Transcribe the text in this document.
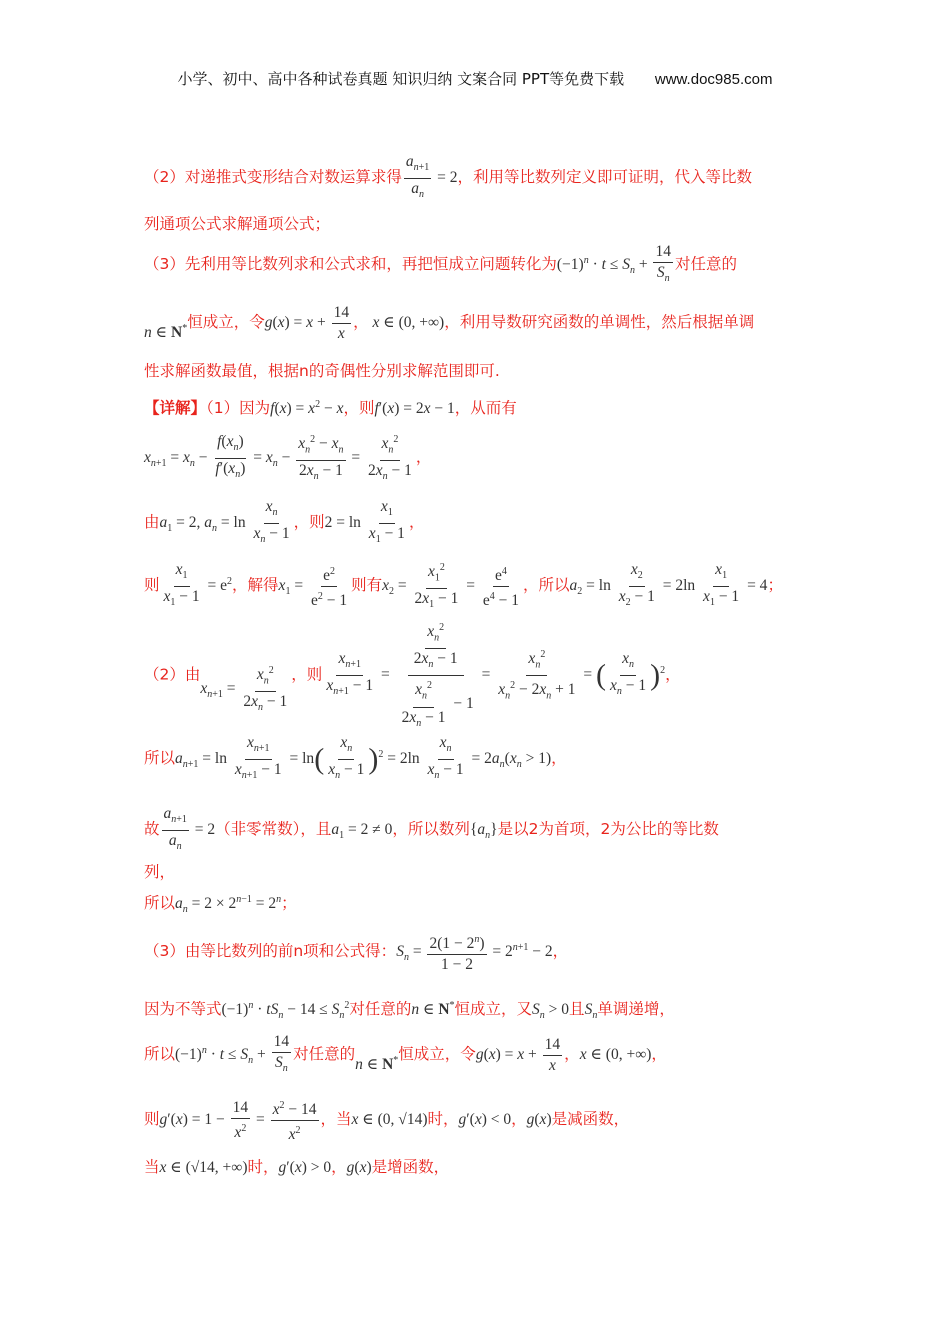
小学、初中、高中各种试卷真题 知识归纳 文案合同 PPT等免费下载 www.doc985.com
（2）对递推式变形结合对数运算求得 $\frac{a_{n+1}}{a_n} = 2$，利用等比数列定义即可证明，代入等比数
列通项公式求解通项公式；
（3）先利用等比数列求和公式求和，再把恒成立问题转化为$(-1)^n \cdot t \le S_n + \frac{14}{S_n}$ 对任意的
n ∈ N*恒成立，令$g(x) = x + \frac{14}{x}$ ， x ∈ (0, +∞)，利用导数研究函数的单调性，然后根据单调
性求解函数最值，根据n的奇偶性分别求解范围即可.
【详解】（1）因为$f(x) = x^2 - x$，则f′(x) = 2x − 1，从而有
$x_{n+1} = x_n - \frac{f(x_n)}{f'(x_n)} = x_n - \frac{x_n^2 - x_n}{2x_n - 1} = \frac{x_n^2}{2x_n - 1}$ ，
由$a_1 = 2$, $a_n = \ln \frac{x_n}{x_n - 1}$ ，则$2 = \ln \frac{x_1}{x_1 - 1}$ ，
则 $\frac{x_1}{x_1 - 1} = e^2$，解得$x_1 = \frac{e^2}{e^2 - 1}$ 则有$x_2 = \frac{x_1^2}{2x_1 - 1} = \frac{e^4}{e^4 - 1}$ ，所以$a_2 = \ln \frac{x_2}{x_2 - 1} = 2\ln \frac{x_1}{x_1 - 1} = 4$；
（2）由$x_{n+1} = \frac{x_n^2}{2x_n - 1}$ ，则 $\frac{x_{n+1}}{x_{n+1} - 1} = \frac{\frac{x_n^2}{2x_n - 1}}{\frac{x_n^2}{2x_n - 1} - 1} = \frac{x_n^2}{x_n^2 - 2x_n + 1}$ = ( $\frac{x_n}{x_n - 1} )^2$，
所以$a_{n+1} = \ln \frac{x_{n+1}}{x_{n+1} - 1} = \ln( \frac{x_n}{x_n - 1} )^2 = 2\ln \frac{x_n}{x_n - 1} = 2a_n(x_n > 1)$，
故 $\frac{a_{n+1}}{a_n} = 2$（非零常数），且$a_1 = 2 \ne 0$，所以数列$\{a_n\}$是以2为首项，2为公比的等比数
列，
所以$a_n = 2 \times 2^{n-1} = 2^n$；
（3）由等比数列的前n项和公式得：$S_n = \frac{2(1 - 2^n)}{1 - 2} = 2^{n+1} - 2$，
因为不等式$(-1)^n \cdot tS_n - 14 \le S_n^2$对任意的n ∈ N*恒成立，又$S_n > 0$且$S_n$单调递增，
所以$(-1)^n \cdot t \le S_n + \frac{14}{S_n}$ 对任意的n ∈ N*恒成立，令$g(x) = x + \frac{14}{x}$ ，x ∈ (0, +∞)，
则$g'(x) = 1 - \frac{14}{x^2} = \frac{x^2 - 14}{x^2}$ ，当x ∈ (0, √14)时，g′(x) < 0，g(x)是减函数，
当x ∈ (√14, +∞)时，g′(x) > 0，g(x)是增函数，
